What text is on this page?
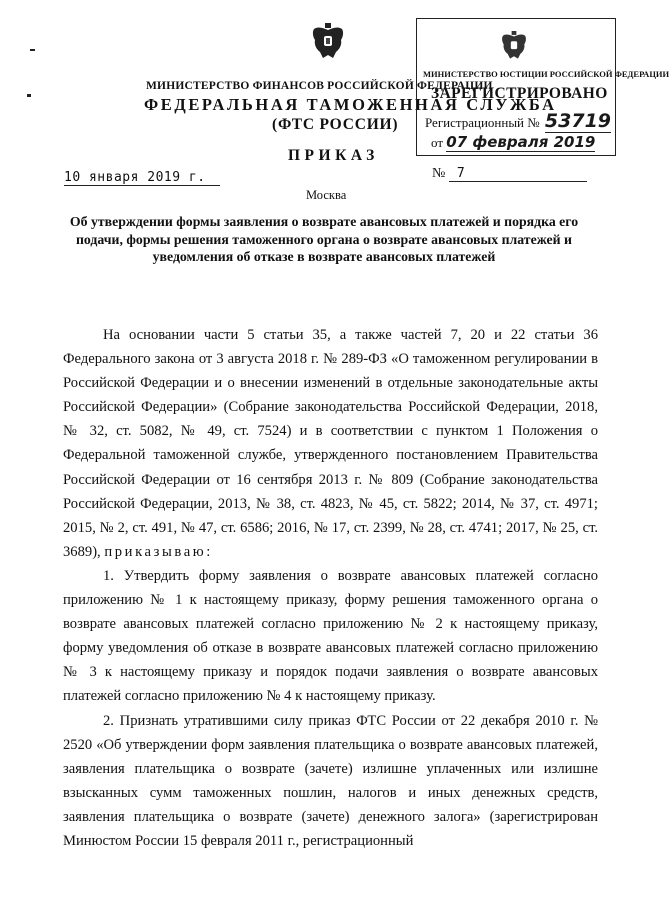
МИНИСТЕРСТВО ФИНАНСОВ РОССИЙСКОЙ ФЕДЕРАЦИИ
ФЕДЕРАЛЬНАЯ ТАМОЖЕННАЯ СЛУЖБА
(ФТС РОССИИ)
ПРИКАЗ
МИНИСТЕРСТВО ЮСТИЦИИ РОССИЙСКОЙ ФЕДЕРАЦИИ
ЗАРЕГИСТРИРОВАНО
Регистрационный № 53719
от 07 февраля 2019
10 января 2019 г.	№ 7
Москва
Об утверждении формы заявления о возврате авансовых платежей и порядка его подачи, формы решения таможенного органа о возврате авансовых платежей и уведомления об отказе в возврате авансовых платежей

На основании части 5 статьи 35, а также частей 7, 20 и 22 статьи 36 Федерального закона от 3 августа 2018 г. № 289-ФЗ «О таможенном регулировании в Российской Федерации и о внесении изменений в отдельные законодательные акты Российской Федерации» (Собрание законодательства Российской Федерации, 2018, № 32, ст. 5082, № 49, ст. 7524) и в соответствии с пунктом 1 Положения о Федеральной таможенной службе, утвержденного постановлением Правительства Российской Федерации от 16 сентября 2013 г. № 809 (Собрание законодательства Российской Федерации, 2013, № 38, ст. 4823, № 45, ст. 5822; 2014, № 37, ст. 4971; 2015, № 2, ст. 491, № 47, ст. 6586; 2016, № 17, ст. 2399, № 28, ст. 4741; 2017, № 25, ст. 3689), приказываю:

1. Утвердить форму заявления о возврате авансовых платежей согласно приложению № 1 к настоящему приказу, форму решения таможенного органа о возврате авансовых платежей согласно приложению № 2 к настоящему приказу, форму уведомления об отказе в возврате авансовых платежей согласно приложению № 3 к настоящему приказу и порядок подачи заявления о возврате авансовых платежей согласно приложению № 4 к настоящему приказу.

2. Признать утратившими силу приказ ФТС России от 22 декабря 2010 г. № 2520 «Об утверждении форм заявления плательщика о возврате авансовых платежей, заявления плательщика о возврате (зачете) излишне уплаченных или излишне взысканных сумм таможенных пошлин, налогов и иных денежных средств, заявления плательщика о возврате (зачете) денежного залога» (зарегистрирован Минюстом России 15 февраля 2011 г., регистрационный
